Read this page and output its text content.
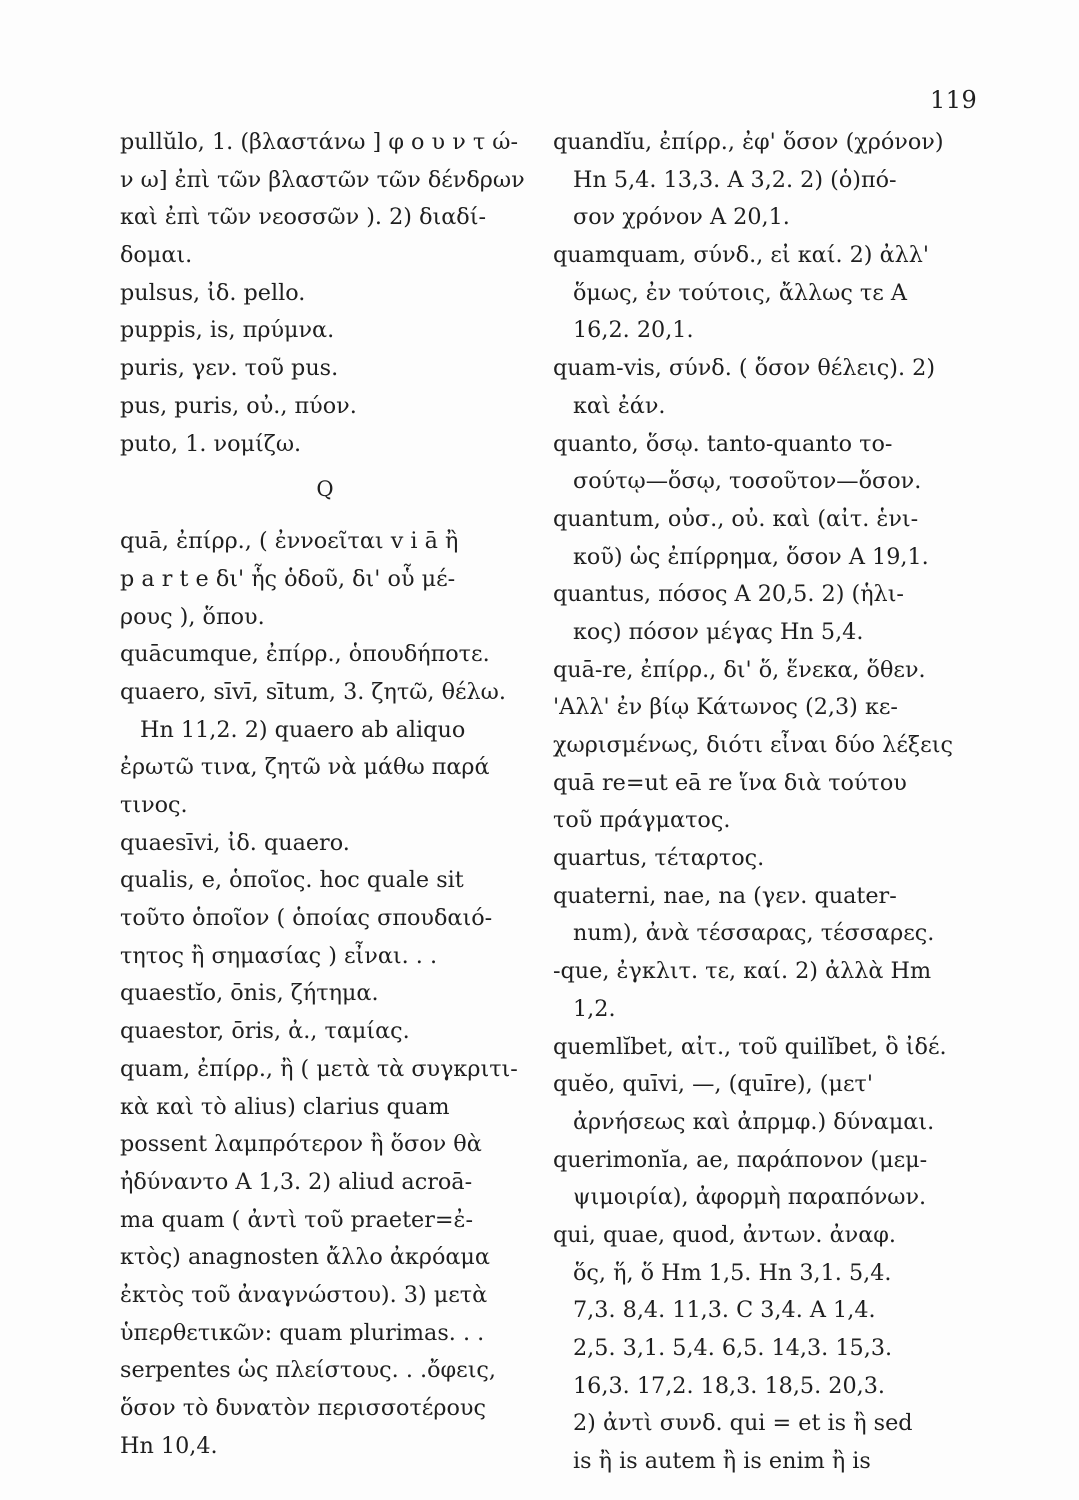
119
pullŭlo, 1. (βλαστάνω ] φ ο υ ν τ ώ-
ν ω] ἐπὶ τῶν βλαστῶν τῶν δένδρων
καὶ ἐπὶ τῶν νεοσσῶν ). 2) διαδί-
δομαι.
pulsus, ἰδ. pello.
puppis, is, πρύμνα.
puris, γεν. τοῦ pus.
pus, puris, οὐ., πύον.
puto, 1. νομίζω.
Q
quā, ἐπίρρ., ( ἐννοεῖται v i ā ἢ
p a r t e δι' ἧς ὁδοῦ, δι' οὗ μέ-
ρους ), ὅπου.
quācumque, ἐπίρρ., ὁπουδήποτε.
quaero, sīvī, sītum, 3. ζητῶ, θέλω.
Hn 11,2. 2) quaero ab aliquo
ἐρωτῶ τινα, ζητῶ νὰ μάθω παρά
τινος.
quaesīvi, ἰδ. quaero.
qualis, e, ὁποῖος. hoc quale sit
τοῦτο ὁποῖον ( ὁποίας σπουδαιό-
τητος ἢ σημασίας ) εἶναι. . .
quaestĭo, ōnis, ζήτημα.
quaestor, ōris, ἀ., ταμίας.
quam, ἐπίρρ., ἢ ( μετὰ τὰ συγκριτι-
κὰ καὶ τὸ alius) clarius quam
possent λαμπρότερον ἢ ὅσον θὰ
ἠδύναντο A 1,3. 2) aliud acroā-
ma quam ( ἀντὶ τοῦ praeter=ἐ-
κτὸς) anagnosten ἄλλο ἀκρόαμα
ἐκτὸς τοῦ ἀναγνώστου). 3) μετὰ
ὑπερθετικῶν: quam plurimas. . .
serpentes ὡς πλείστους. . .ὄφεις,
ὅσον τὸ δυνατὸν περισσοτέρους
Hn 10,4.
quandĭu, ἐπίρρ., ἐφ' ὅσον (χρόνον)
Hn 5,4. 13,3. A 3,2. 2) (ὁ)πό-
σον χρόνον A 20,1.
quamquam, σύνδ., εἰ καί. 2) ἀλλ'
ὅμως, ἐν τούτοις, ἄλλως τε A
16,2. 20,1.
quam-vis, σύνδ. ( ὅσον θέλεις). 2)
καὶ ἐάν.
quanto, ὅσῳ. tanto-quanto το-
σούτῳ—ὅσῳ, τοσοῦτον—ὅσον.
quantum, οὐσ., οὐ. καὶ (αἰτ. ἑνι-
κοῦ) ὡς ἐπίρρημα, ὅσον A 19,1.
quantus, πόσος A 20,5. 2) (ἡλι-
κος) πόσον μέγας Hn 5,4.
quā-re, ἐπίρρ., δι' ὅ, ἕνεκα, ὅθεν.
'Αλλ' ἐν βίῳ Κάτωνος (2,3) κε-
χωρισμένως, διότι εἶναι δύο λέξεις
quā re=ut eā re ἵνα διὰ τούτου
τοῦ πράγματος.
quartus, τέταρτος.
quaterni, nae, na (γεν. quater-
num), ἀνὰ τέσσαρας, τέσσαρες.
-que, ἐγκλιτ. τε, καί. 2) ἀλλὰ Hm
1,2.
quemlĭbet, αἰτ., τοῦ quilĭbet, ὃ ἰδέ.
quĕo, quīvi, —, (quīre), (μετ'
ἀρνήσεως καὶ ἀπρμφ.) δύναμαι.
querimonĭa, ae, παράπονον (μεμ-
ψιμοιρία), ἀφορμὴ παραπόνων.
qui, quae, quod, ἀντων. ἀναφ.
ὅς, ἥ, ὅ Hm 1,5. Hn 3,1. 5,4.
7,3. 8,4. 11,3. C 3,4. A 1,4.
2,5. 3,1. 5,4. 6,5. 14,3. 15,3.
16,3. 17,2. 18,3. 18,5. 20,3.
2) ἀντὶ συνδ. qui = et is ἢ sed
is ἢ is autem ἢ is enim ἢ is
